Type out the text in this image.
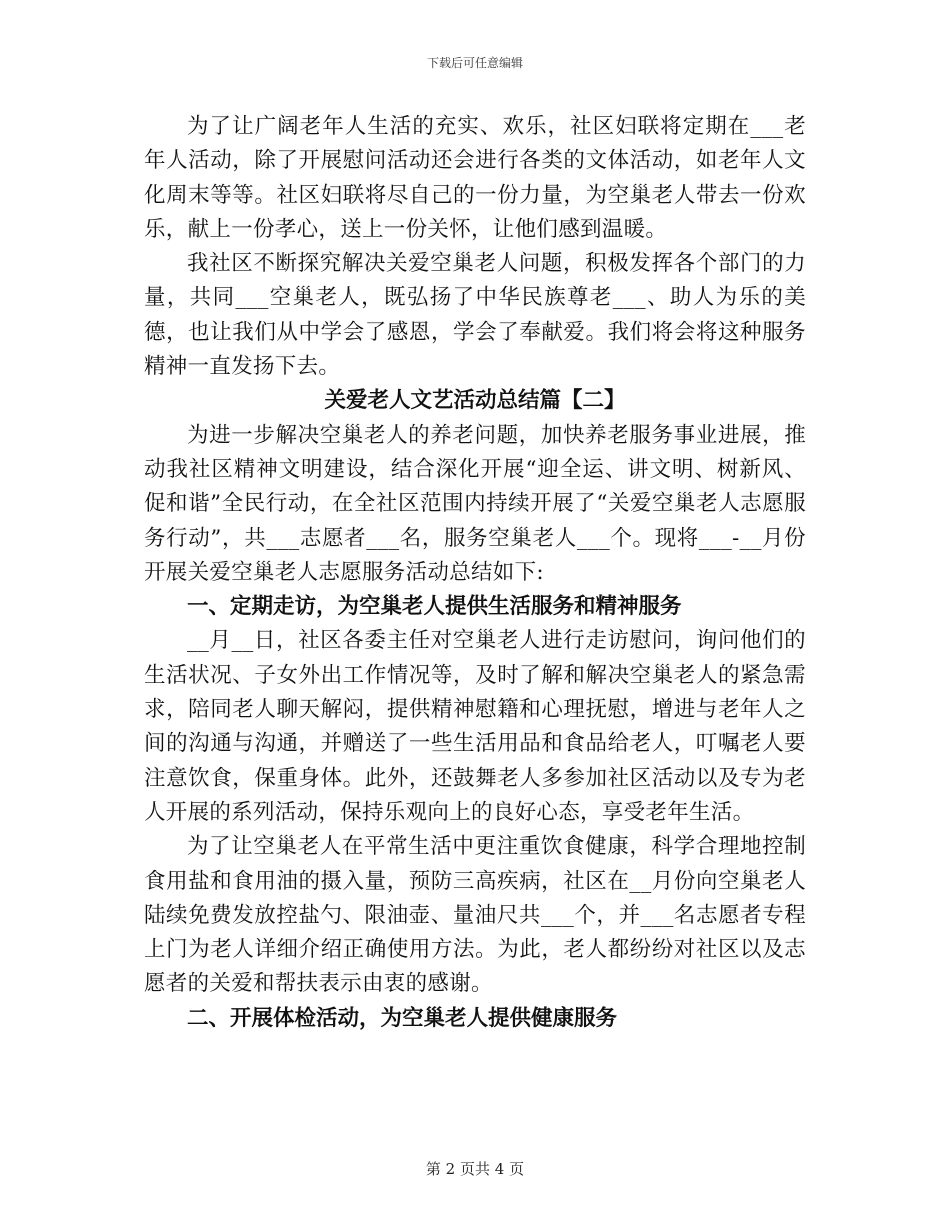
下载后可任意编辑

为了让广阔老年人生活的充实、欢乐，社区妇联将定期在___老年人活动，除了开展慰问活动还会进行各类的文体活动，如老年人文化周末等等。社区妇联将尽自己的一份力量，为空巢老人带去一份欢乐，献上一份孝心，送上一份关怀，让他们感到温暖。

我社区不断探究解决关爱空巢老人问题，积极发挥各个部门的力量，共同___空巢老人，既弘扬了中华民族尊老___、助人为乐的美德，也让我们从中学会了感恩，学会了奉献爱。我们将会将这种服务精神一直发扬下去。

关爱老人文艺活动总结篇【二】

为进一步解决空巢老人的养老问题，加快养老服务事业进展，推动我社区精神文明建设，结合深化开展“迎全运、讲文明、树新风、促和谐”全民行动，在全社区范围内持续开展了“关爱空巢老人志愿服务行动”，共___志愿者___名，服务空巢老人___个。现将___-__月份开展关爱空巢老人志愿服务活动总结如下:

一、定期走访，为空巢老人提供生活服务和精神服务

__月__日，社区各委主任对空巢老人进行走访慰问，询问他们的生活状况、子女外出工作情况等，及时了解和解决空巢老人的紧急需求，陪同老人聊天解闷，提供精神慰籍和心理抚慰，增进与老年人之间的沟通与沟通，并赠送了一些生活用品和食品给老人，叮嘱老人要注意饮食，保重身体。此外，还鼓舞老人多参加社区活动以及专为老人开展的系列活动，保持乐观向上的良好心态，享受老年生活。

为了让空巢老人在平常生活中更注重饮食健康，科学合理地控制食用盐和食用油的摄入量，预防三高疾病，社区在__月份向空巢老人陆续免费发放控盐勺、限油壶、量油尺共___个，并___名志愿者专程上门为老人详细介绍正确使用方法。为此，老人都纷纷对社区以及志愿者的关爱和帮扶表示由衷的感谢。

二、开展体检活动，为空巢老人提供健康服务

第 2 页共 4 页
